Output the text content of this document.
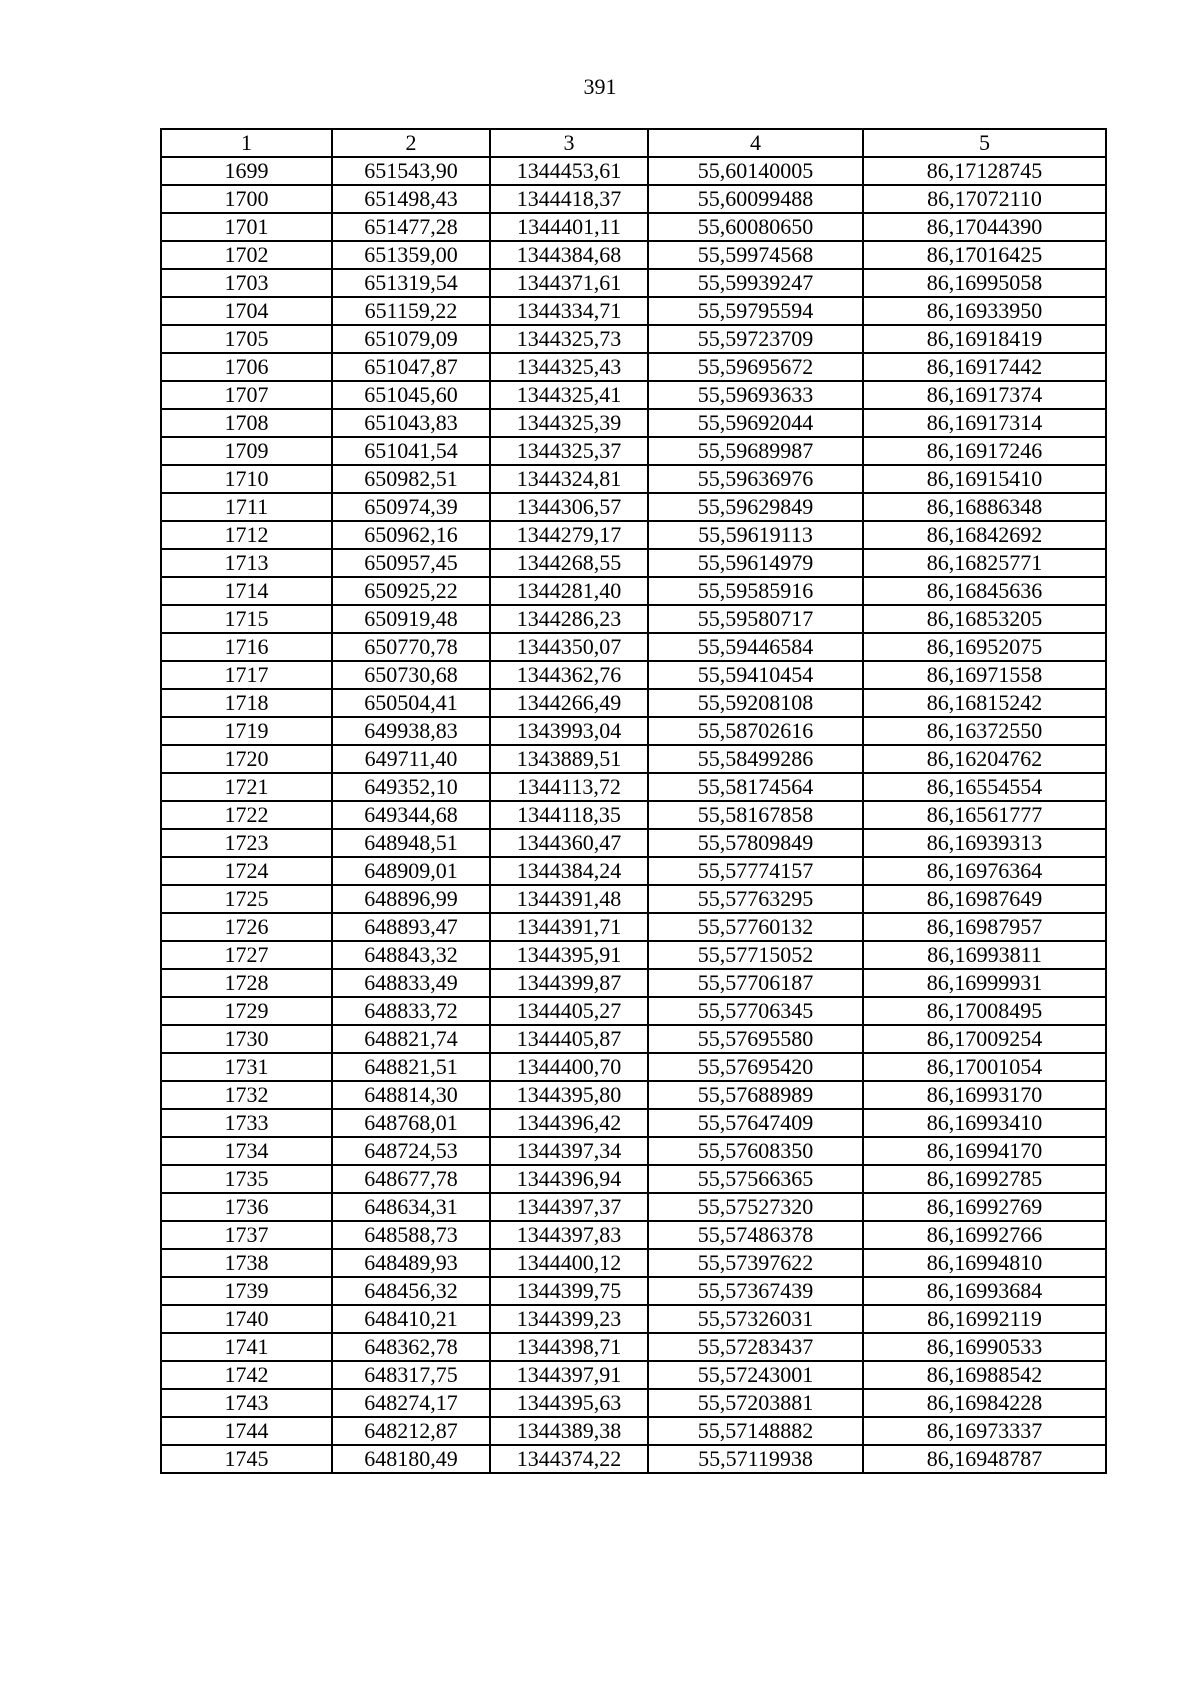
391
1	2	3	4	5
1699	651543,90	1344453,61	55,60140005	86,17128745
1700	651498,43	1344418,37	55,60099488	86,17072110
1701	651477,28	1344401,11	55,60080650	86,17044390
1702	651359,00	1344384,68	55,59974568	86,17016425
1703	651319,54	1344371,61	55,59939247	86,16995058
1704	651159,22	1344334,71	55,59795594	86,16933950
1705	651079,09	1344325,73	55,59723709	86,16918419
1706	651047,87	1344325,43	55,59695672	86,16917442
1707	651045,60	1344325,41	55,59693633	86,16917374
1708	651043,83	1344325,39	55,59692044	86,16917314
1709	651041,54	1344325,37	55,59689987	86,16917246
1710	650982,51	1344324,81	55,59636976	86,16915410
1711	650974,39	1344306,57	55,59629849	86,16886348
1712	650962,16	1344279,17	55,59619113	86,16842692
1713	650957,45	1344268,55	55,59614979	86,16825771
1714	650925,22	1344281,40	55,59585916	86,16845636
1715	650919,48	1344286,23	55,59580717	86,16853205
1716	650770,78	1344350,07	55,59446584	86,16952075
1717	650730,68	1344362,76	55,59410454	86,16971558
1718	650504,41	1344266,49	55,59208108	86,16815242
1719	649938,83	1343993,04	55,58702616	86,16372550
1720	649711,40	1343889,51	55,58499286	86,16204762
1721	649352,10	1344113,72	55,58174564	86,16554554
1722	649344,68	1344118,35	55,58167858	86,16561777
1723	648948,51	1344360,47	55,57809849	86,16939313
1724	648909,01	1344384,24	55,57774157	86,16976364
1725	648896,99	1344391,48	55,57763295	86,16987649
1726	648893,47	1344391,71	55,57760132	86,16987957
1727	648843,32	1344395,91	55,57715052	86,16993811
1728	648833,49	1344399,87	55,57706187	86,16999931
1729	648833,72	1344405,27	55,57706345	86,17008495
1730	648821,74	1344405,87	55,57695580	86,17009254
1731	648821,51	1344400,70	55,57695420	86,17001054
1732	648814,30	1344395,80	55,57688989	86,16993170
1733	648768,01	1344396,42	55,57647409	86,16993410
1734	648724,53	1344397,34	55,57608350	86,16994170
1735	648677,78	1344396,94	55,57566365	86,16992785
1736	648634,31	1344397,37	55,57527320	86,16992769
1737	648588,73	1344397,83	55,57486378	86,16992766
1738	648489,93	1344400,12	55,57397622	86,16994810
1739	648456,32	1344399,75	55,57367439	86,16993684
1740	648410,21	1344399,23	55,57326031	86,16992119
1741	648362,78	1344398,71	55,57283437	86,16990533
1742	648317,75	1344397,91	55,57243001	86,16988542
1743	648274,17	1344395,63	55,57203881	86,16984228
1744	648212,87	1344389,38	55,57148882	86,16973337
1745	648180,49	1344374,22	55,57119938	86,16948787
